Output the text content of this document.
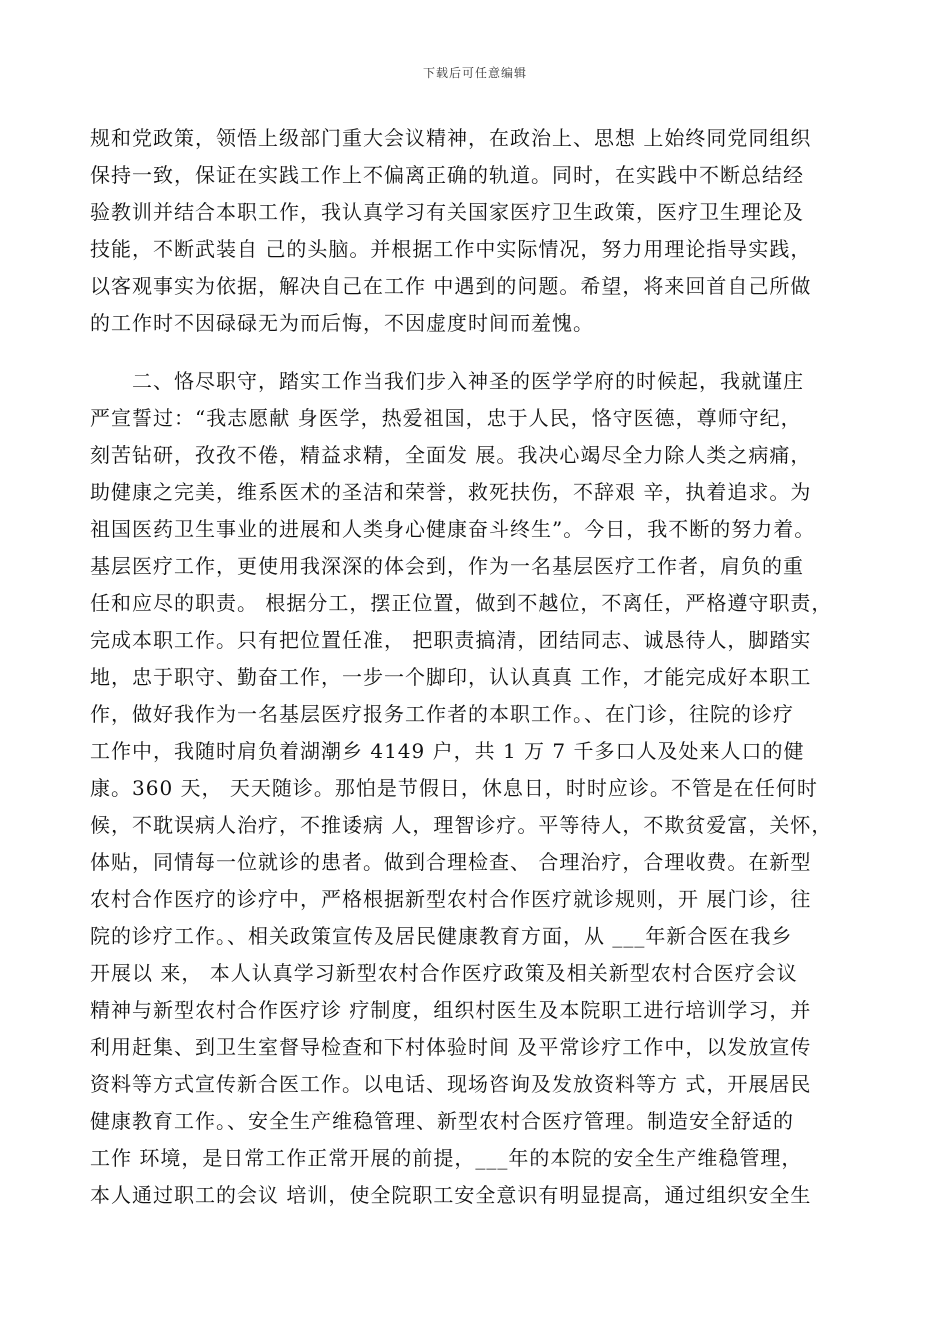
下载后可任意编辑
规和党政策，领悟上级部门重大会议精神，在政治上、思想 上始终同党同组织
保持一致，保证在实践工作上不偏离正确的轨道。同时，在实践中不断总结经
验教训并结合本职工作，我认真学习有关国家医疗卫生政策，医疗卫生理论及
技能，不断武装自 己的头脑。并根据工作中实际情况，努力用理论指导实践，
以客观事实为依据，解决自己在工作 中遇到的问题。希望，将来回首自己所做
的工作时不因碌碌无为而后悔，不因虚度时间而羞愧。
　　二、恪尽职守，踏实工作当我们步入神圣的医学学府的时候起，我就谨庄
严宣誓过：“我志愿献 身医学，热爱祖国，忠于人民，恪守医德，尊师守纪，
刻苦钻研，孜孜不倦，精益求精，全面发 展。我决心竭尽全力除人类之病痛，
助健康之完美，维系医术的圣洁和荣誉，救死扶伤，不辞艰 辛，执着追求。为
祖国医药卫生事业的进展和人类身心健康奋斗终生”。今日，我不断的努力着。
基层医疗工作，更使用我深深的体会到，作为一名基层医疗工作者，肩负的重
任和应尽的职责。 根据分工，摆正位置，做到不越位，不离任，严格遵守职责，
完成本职工作。只有把位置任准， 把职责搞清，团结同志、诚恳待人，脚踏实
地，忠于职守、勤奋工作，一步一个脚印，认认真真 工作，才能完成好本职工
作，做好我作为一名基层医疗报务工作者的本职工作。、在门诊，往院的诊疗
工作中，我随时肩负着湖潮乡 4149 户，共 1 万 7 千多口人及处来人口的健
康。360 天， 天天随诊。那怕是节假日，休息日，时时应诊。不管是在任何时
候，不耽误病人治疗，不推诿病 人，理智诊疗。平等待人，不欺贫爱富，关怀，
体贴，同情每一位就诊的患者。做到合理检查、 合理治疗，合理收费。在新型
农村合作医疗的诊疗中，严格根据新型农村合作医疗就诊规则，开 展门诊，往
院的诊疗工作。、相关政策宣传及居民健康教育方面，从 ___年新合医在我乡
开展以 来， 本人认真学习新型农村合作医疗政策及相关新型农村合医疗会议
精神与新型农村合作医疗诊 疗制度，组织村医生及本院职工进行培训学习，并
利用赶集、到卫生室督导检查和下村体验时间 及平常诊疗工作中，以发放宣传
资料等方式宣传新合医工作。以电话、现场咨询及发放资料等方 式，开展居民
健康教育工作。、安全生产维稳管理、新型农村合医疗管理。制造安全舒适的
工作 环境，是日常工作正常开展的前提，___年的本院的安全生产维稳管理，
本人通过职工的会议 培训，使全院职工安全意识有明显提高，通过组织安全生
